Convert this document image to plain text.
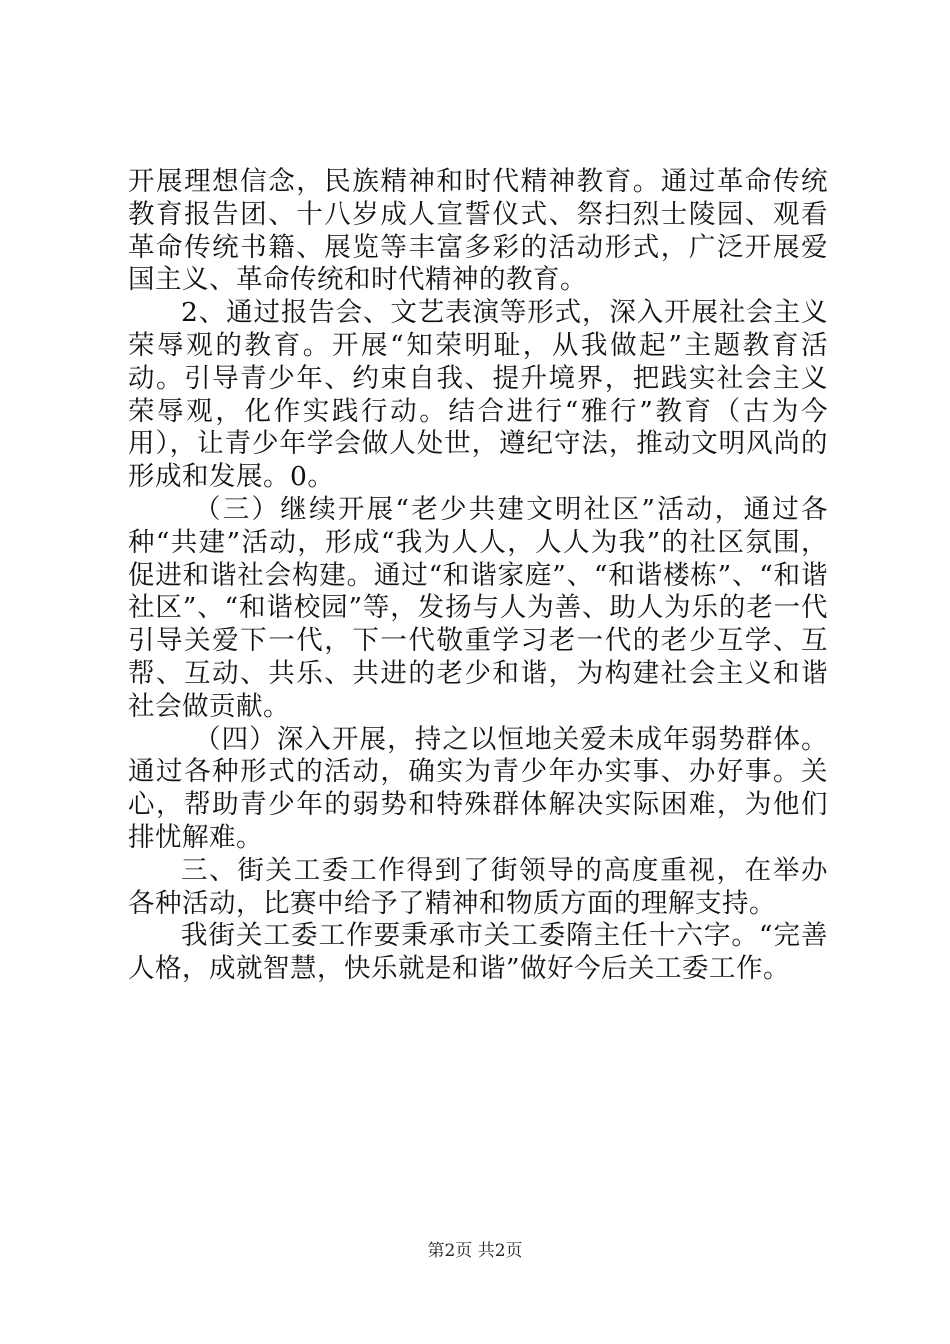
开展理想信念，民族精神和时代精神教育。通过革命传统教育报告团、十八岁成人宣誓仪式、祭扫烈士陵园、观看革命传统书籍、展览等丰富多彩的活动形式，广泛开展爱国主义、革命传统和时代精神的教育。

2、通过报告会、文艺表演等形式，深入开展社会主义荣辱观的教育。开展“知荣明耻，从我做起”主题教育活动。引导青少年、约束自我、提升境界，把践实社会主义荣辱观，化作实践行动。结合进行“雅行”教育（古为今用），让青少年学会做人处世，遵纪守法，推动文明风尚的形成和发展。0。

（三）继续开展“老少共建文明社区”活动，通过各种“共建”活动，形成“我为人人，人人为我”的社区氛围，促进和谐社会构建。通过“和谐家庭”、“和谐楼栋”、“和谐社区”、“和谐校园”等，发扬与人为善、助人为乐的老一代引导关爱下一代，下一代敬重学习老一代的老少互学、互帮、互动、共乐、共进的老少和谐，为构建社会主义和谐社会做贡献。

（四）深入开展，持之以恒地关爱未成年弱势群体。通过各种形式的活动，确实为青少年办实事、办好事。关心，帮助青少年的弱势和特殊群体解决实际困难，为他们排忧解难。

三、街关工委工作得到了街领导的高度重视，在举办各种活动，比赛中给予了精神和物质方面的理解支持。

我街关工委工作要秉承市关工委隋主任十六字。“完善人格，成就智慧，快乐就是和谐”做好今后关工委工作。

第2页 共2页
